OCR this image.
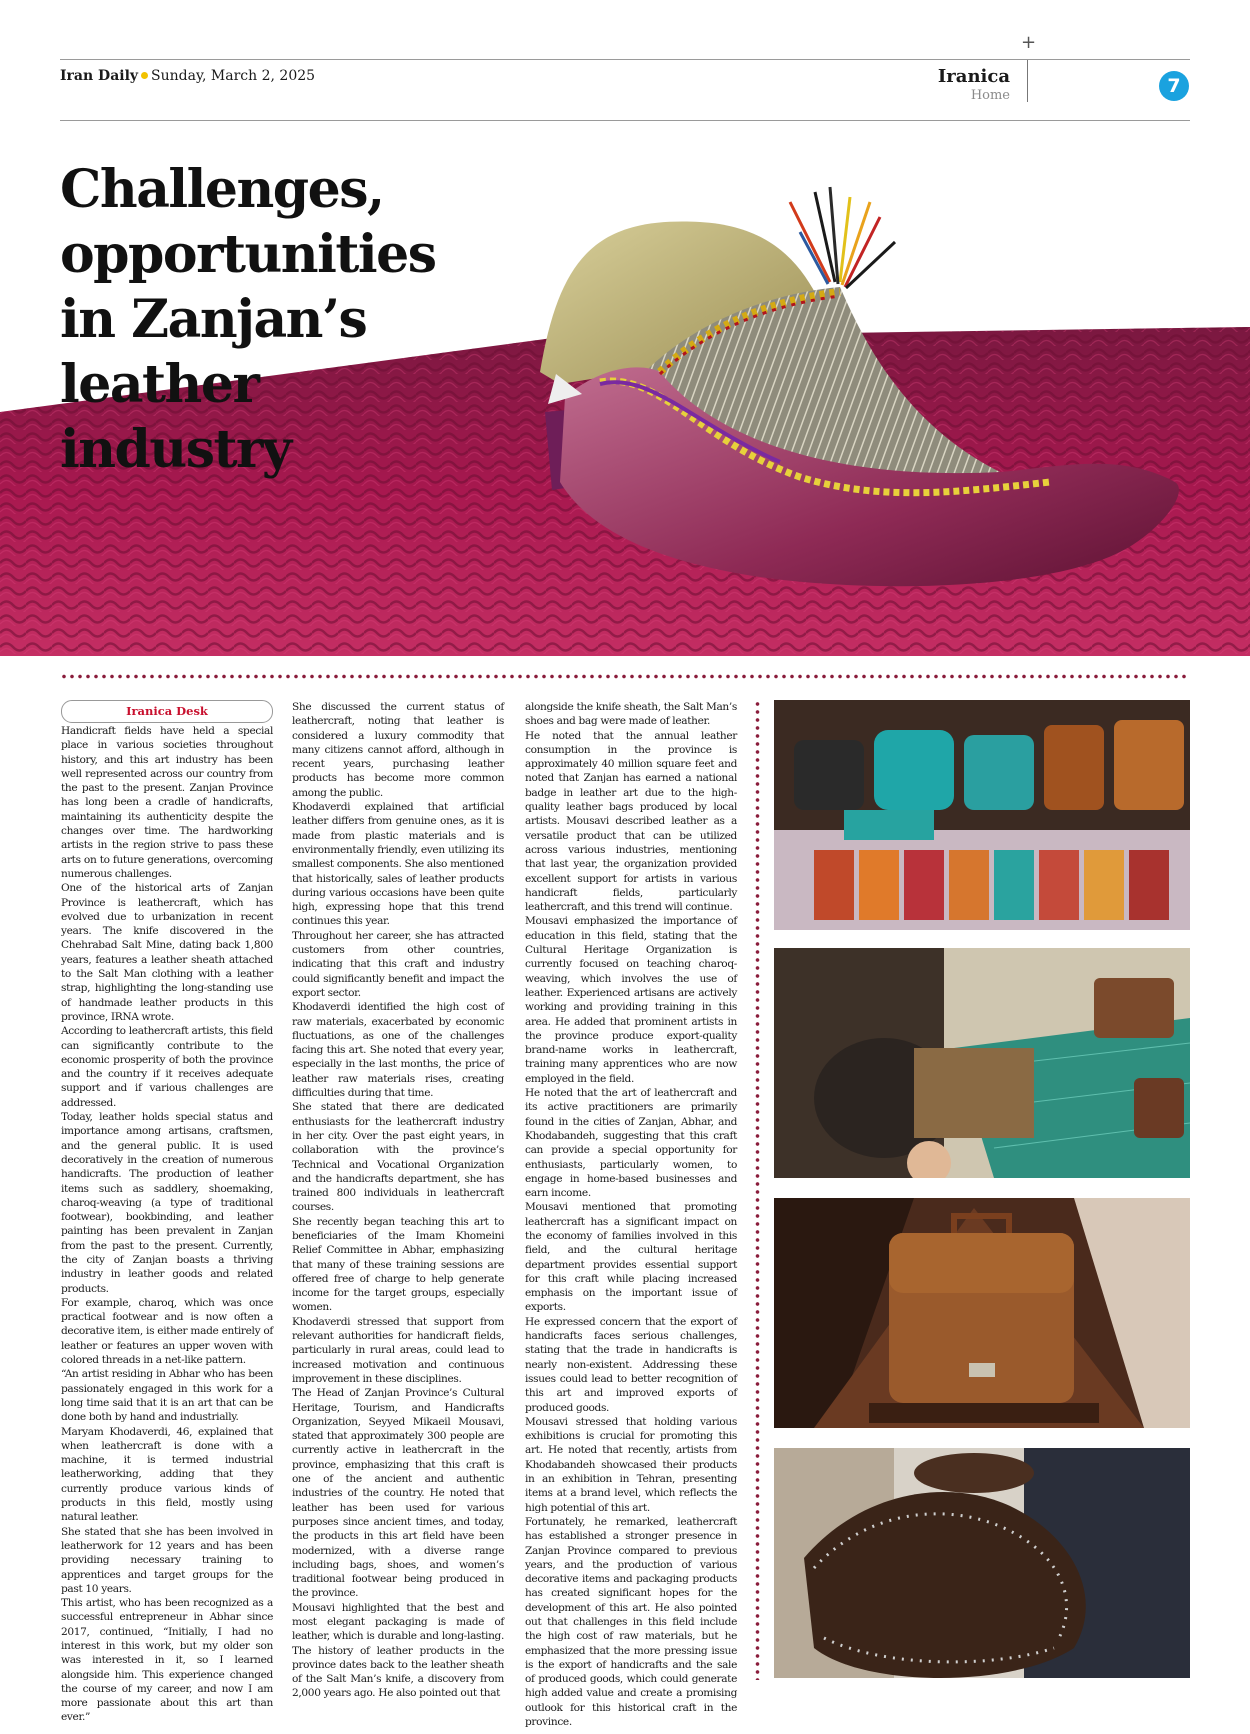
Iran Daily Sunday, March 2, 2025
+
Iranica
Home	7
Challenges,
opportunities
in Zanjan’s leather
industry
Iranica Desk

Handicraft fields have held a special place in various societies throughout history, and this art industry has been well represented across our country from the past to the present. Zanjan Province has long been a cradle of handicrafts, maintaining its authenticity despite the changes over time. The hardworking artists in the region strive to pass these arts on to future generations, overcoming numerous challenges.

One of the historical arts of Zanjan Province is leathercraft, which has evolved due to urbanization in recent years. The knife discovered in the Chehrabad Salt Mine, dating back 1,800 years, features a leather sheath attached to the Salt Man clothing with a leather strap, highlighting the long-standing use of handmade leather products in this province, IRNA wrote.

According to leathercraft artists, this field can significantly contribute to the economic prosperity of both the province and the country if it receives adequate support and if various challenges are addressed.

Today, leather holds special status and importance among artisans, craftsmen, and the general public. It is used decoratively in the creation of numerous handicrafts. The production of leather items such as saddlery, shoemaking, charoq-weaving (a type of traditional footwear), bookbinding, and leather painting has been prevalent in Zanjan from the past to the present. Currently, the city of Zanjan boasts a thriving industry in leather goods and related products.

For example, charoq, which was once practical footwear and is now often a decorative item, is either made entirely of leather or features an upper woven with colored threads in a net-like pattern.

“An artist residing in Abhar who has been passionately engaged in this work for a long time said that it is an art that can be done both by hand and industrially.

Maryam Khodaverdi, 46, explained that when leathercraft is done with a machine, it is termed industrial leatherworking, adding that they currently produce various kinds of products in this field, mostly using natural leather.

She stated that she has been involved in leatherwork for 12 years and has been providing necessary training to apprentices and target groups for the past 10 years.

This artist, who has been recognized as a successful entrepreneur in Abhar since 2017, continued, “Initially, I had no interest in this work, but my older son was interested in it, so I learned alongside him. This experience changed the course of my career, and now I am more passionate about this art than ever.”

She discussed the current status of leathercraft, noting that leather is considered a luxury commodity that many citizens cannot afford, although in recent years, purchasing leather products has become more common among the public.

Khodaverdi explained that artificial leather differs from genuine ones, as it is made from plastic materials and is environmentally friendly, even utilizing its smallest components. She also mentioned that historically, sales of leather products during various occasions have been quite high, expressing hope that this trend continues this year.

Throughout her career, she has attracted customers from other countries, indicating that this craft and industry could significantly benefit and impact the export sector.

Khodaverdi identified the high cost of raw materials, exacerbated by economic fluctuations, as one of the challenges facing this art. She noted that every year, especially in the last months, the price of leather raw materials rises, creating difficulties during that time.

She stated that there are dedicated enthusiasts for the leathercraft industry in her city. Over the past eight years, in collaboration with the province’s Technical and Vocational Organization and the handicrafts department, she has trained 800 individuals in leathercraft courses.

She recently began teaching this art to beneficiaries of the Imam Khomeini Relief Committee in Abhar, emphasizing that many of these training sessions are offered free of charge to help generate income for the target groups, especially women.

Khodaverdi stressed that support from relevant authorities for handicraft fields, particularly in rural areas, could lead to increased motivation and continuous improvement in these disciplines.

The Head of Zanjan Province’s Cultural Heritage, Tourism, and Handicrafts Organization, Seyyed Mikaeil Mousavi, stated that approximately 300 people are currently active in leathercraft in the province, emphasizing that this craft is one of the ancient and authentic industries of the country. He noted that leather has been used for various purposes since ancient times, and today, the products in this art field have been modernized, with a diverse range including bags, shoes, and women’s traditional footwear being produced in the province.

Mousavi highlighted that the best and most elegant packaging is made of leather, which is durable and long-lasting. The history of leather products in the province dates back to the leather sheath of the Salt Man’s knife, a discovery from 2,000 years ago. He also pointed out that

alongside the knife sheath, the Salt Man’s shoes and bag were made of leather.

He noted that the annual leather consumption in the province is approximately 40 million square feet and noted that Zanjan has earned a national badge in leather art due to the high-quality leather bags produced by local artists. Mousavi described leather as a versatile product that can be utilized across various industries, mentioning that last year, the organization provided excellent support for artists in various handicraft fields, particularly leathercraft, and this trend will continue.

Mousavi emphasized the importance of education in this field, stating that the Cultural Heritage Organization is currently focused on teaching charoq-weaving, which involves the use of leather. Experienced artisans are actively working and providing training in this area. He added that prominent artists in the province produce export-quality brand-name works in leathercraft, training many apprentices who are now employed in the field.

He noted that the art of leathercraft and its active practitioners are primarily found in the cities of Zanjan, Abhar, and Khodabandeh, suggesting that this craft can provide a special opportunity for enthusiasts, particularly women, to engage in home-based businesses and earn income.

Mousavi mentioned that promoting leathercraft has a significant impact on the economy of families involved in this field, and the cultural heritage department provides essential support for this craft while placing increased emphasis on the important issue of exports.

He expressed concern that the export of handicrafts faces serious challenges, stating that the trade in handicrafts is nearly non-existent. Addressing these issues could lead to better recognition of this art and improved exports of produced goods.

Mousavi stressed that holding various exhibitions is crucial for promoting this art. He noted that recently, artists from Khodabandeh showcased their products in an exhibition in Tehran, presenting items at a brand level, which reflects the high potential of this art.

Fortunately, he remarked, leathercraft has established a stronger presence in Zanjan Province compared to previous years, and the production of various decorative items and packaging products has created significant hopes for the development of this art. He also pointed out that challenges in this field include the high cost of raw materials, but he emphasized that the more pressing issue is the export of handicrafts and the sale of produced goods, which could generate high added value and create a promising outlook for this historical craft in the province.
